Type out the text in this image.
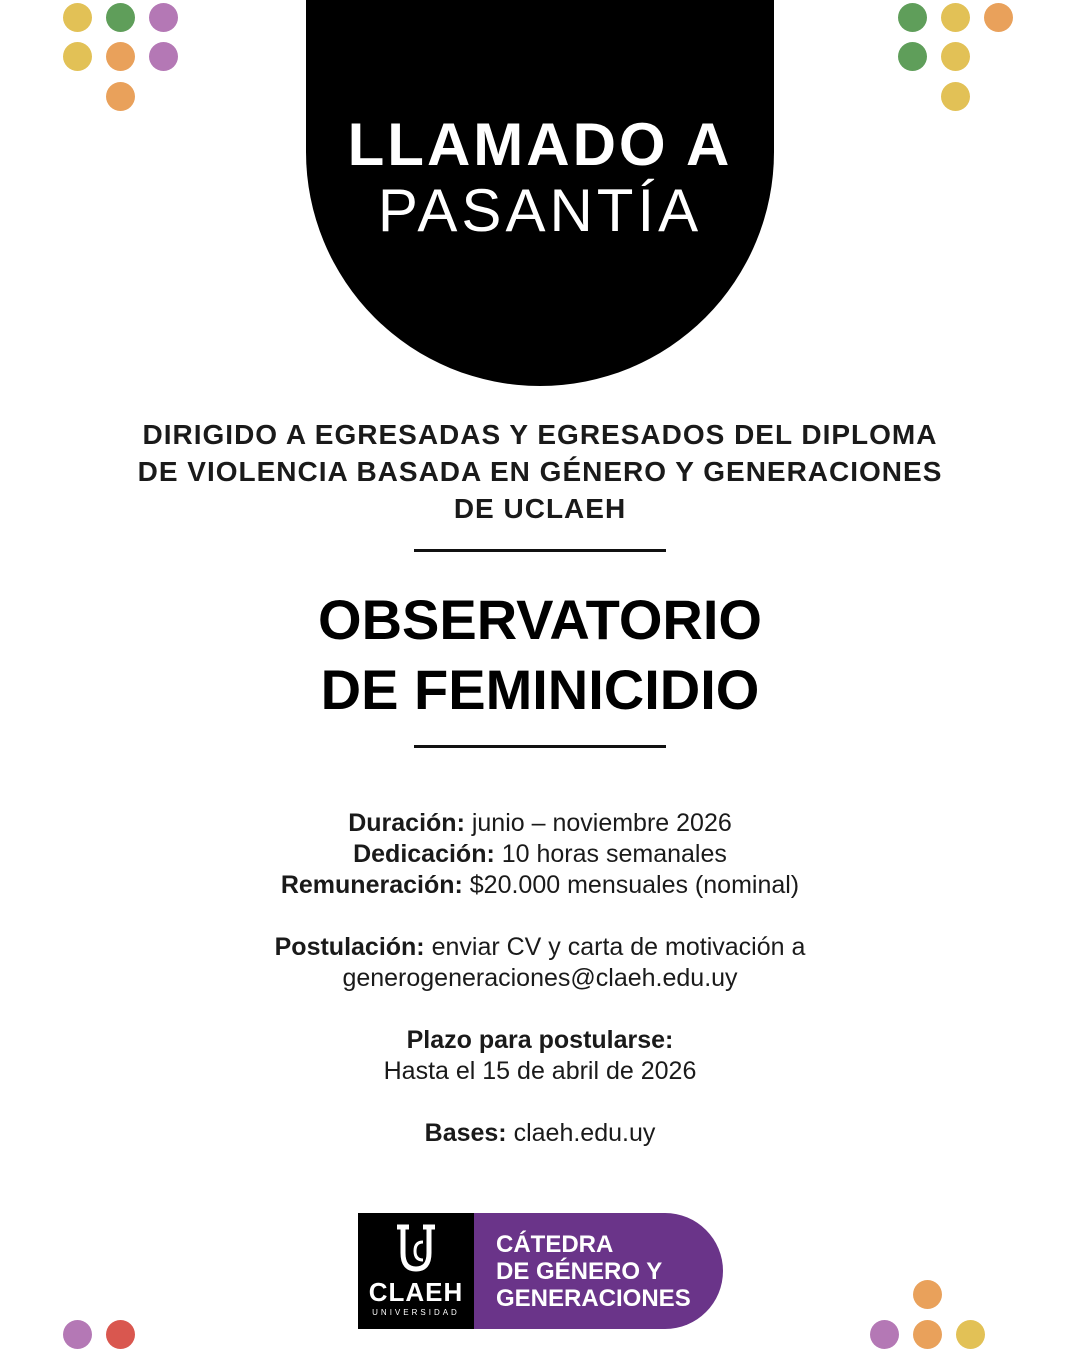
LLAMADO A
PASANTÍA
DIRIGIDO A EGRESADAS Y EGRESADOS DEL DIPLOMA
DE VIOLENCIA BASADA EN GÉNERO Y GENERACIONES
DE UCLAEH
OBSERVATORIO
DE FEMINICIDIO

Duración: junio – noviembre 2026

Dedicación: 10 horas semanales

Remuneración: $20.000 mensuales (nominal)

Postulación: enviar CV y carta de motivación a

generogeneraciones@claeh.edu.uy

Plazo para postularse:

Hasta el 15 de abril de 2026

Bases: claeh.edu.uy

CLAEH
UNIVERSIDAD
CÁTEDRA
DE GÉNERO Y
GENERACIONES
